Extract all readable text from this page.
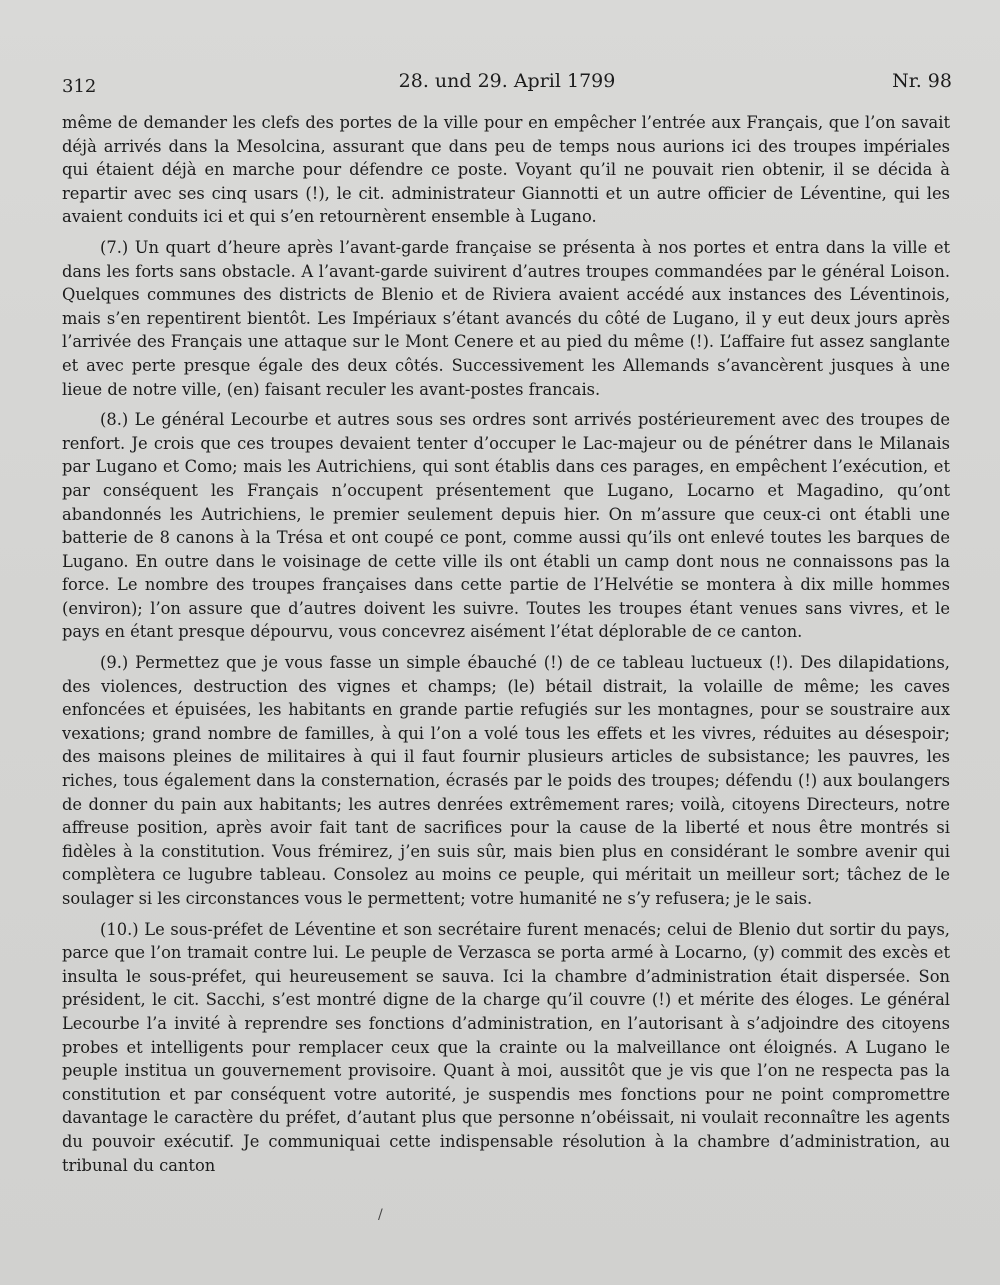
312	28. und 29. April 1799	Nr. 98

même de demander les clefs des portes de la ville pour en empêcher l’entrée aux Français, que l’on savait déjà arrivés dans la Mesolcina, assurant que dans peu de temps nous aurions ici des troupes impériales qui étaient déjà en marche pour défendre ce poste. Voyant qu’il ne pouvait rien obtenir, il se décida à repartir avec ses cinq usars (!), le cit. administrateur Giannotti et un autre officier de Léventine, qui les avaient conduits ici et qui s’en retournèrent ensemble à Lugano.

(7.) Un quart d’heure après l’avant-garde française se présenta à nos portes et entra dans la ville et dans les forts sans obstacle. A l’avant-garde suivirent d’autres troupes commandées par le général Loison. Quelques communes des districts de Blenio et de Riviera avaient accédé aux instances des Léventinois, mais s’en repentirent bientôt. Les Impériaux s’étant avancés du côté de Lugano, il y eut deux jours après l’arrivée des Français une attaque sur le Mont Cenere et au pied du même (!). L’affaire fut assez sanglante et avec perte presque égale des deux côtés. Successivement les Allemands s’avancèrent jusques à une lieue de notre ville, (en) faisant reculer les avant-postes francais.

(8.) Le général Lecourbe et autres sous ses ordres sont arrivés postérieurement avec des troupes de renfort. Je crois que ces troupes devaient tenter d’occuper le Lac-majeur ou de pénétrer dans le Milanais par Lugano et Como; mais les Autrichiens, qui sont établis dans ces parages, en empêchent l’exécution, et par conséquent les Français n’occupent présentement que Lugano, Locarno et Magadino, qu’ont abandonnés les Autrichiens, le premier seulement depuis hier. On m’assure que ceux-ci ont établi une batterie de 8 canons à la Trésa et ont coupé ce pont, comme aussi qu’ils ont enlevé toutes les barques de Lugano. En outre dans le voisinage de cette ville ils ont établi un camp dont nous ne connaissons pas la force. Le nombre des troupes françaises dans cette partie de l’Helvétie se montera à dix mille hommes (environ); l’on assure que d’autres doivent les suivre. Toutes les troupes étant venues sans vivres, et le pays en étant presque dépourvu, vous concevrez aisément l’état déplorable de ce canton.

(9.) Permettez que je vous fasse un simple ébauché (!) de ce tableau luctueux (!). Des dilapidations, des violences, destruction des vignes et champs; (le) bétail distrait, la volaille de même; les caves enfoncées et épuisées, les habitants en grande partie refugiés sur les montagnes, pour se soustraire aux vexations; grand nombre de familles, à qui l’on a volé tous les effets et les vivres, réduites au désespoir; des maisons pleines de militaires à qui il faut fournir plusieurs articles de subsistance; les pauvres, les riches, tous également dans la consternation, écrasés par le poids des troupes; défendu (!) aux boulangers de donner du pain aux habitants; les autres denrées extrêmement rares; voilà, citoyens Directeurs, notre affreuse position, après avoir fait tant de sacrifices pour la cause de la liberté et nous être montrés si fidèles à la constitution. Vous frémirez, j’en suis sûr, mais bien plus en considérant le sombre avenir qui complètera ce lugubre tableau. Consolez au moins ce peuple, qui méritait un meilleur sort; tâchez de le soulager si les circonstances vous le permettent; votre humanité ne s’y refusera; je le sais.

(10.) Le sous-préfet de Léventine et son secrétaire furent menacés; celui de Blenio dut sortir du pays, parce que l’on tramait contre lui. Le peuple de Verzasca se porta armé à Locarno, (y) commit des excès et insulta le sous-préfet, qui heureusement se sauva. Ici la chambre d’administration était dispersée. Son président, le cit. Sacchi, s’est montré digne de la charge qu’il couvre (!) et mérite des éloges. Le général Lecourbe l’a invité à reprendre ses fonctions d’administration, en l’autorisant à s’adjoindre des citoyens probes et intelligents pour remplacer ceux que la crainte ou la malveillance ont éloignés. A Lugano le peuple institua un gouvernement provisoire. Quant à moi, aussitôt que je vis que l’on ne respecta pas la constitution et par conséquent votre autorité, je suspendis mes fonctions pour ne point compromettre davantage le caractère du préfet, d’autant plus que personne n’obéissait, ni voulait reconnaître les agents du pouvoir exécutif. Je communiquai cette indispensable résolution à la chambre d’administration, au tribunal du canton

/
